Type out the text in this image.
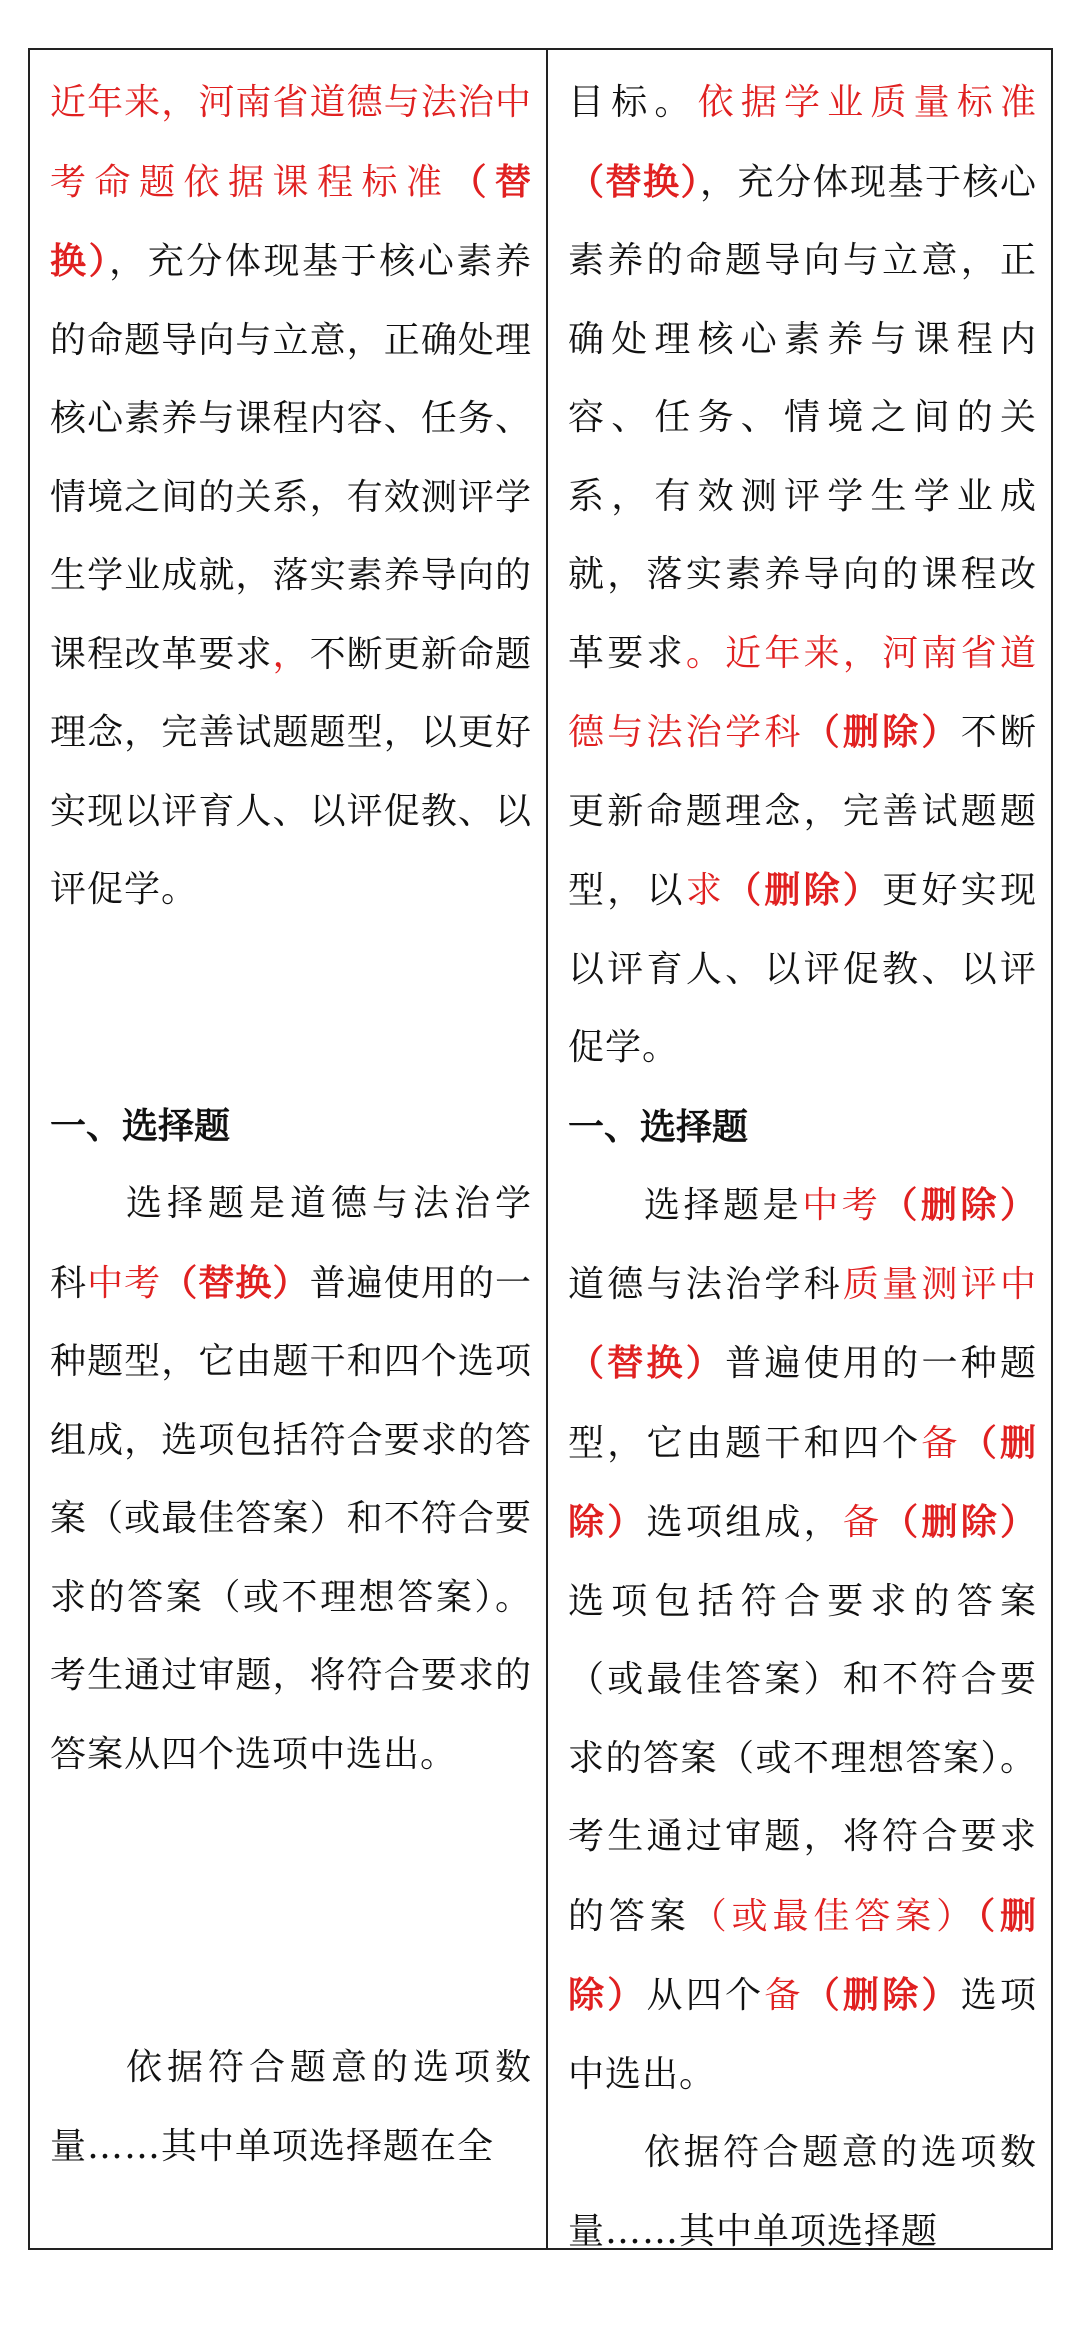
近年来，河南省道德与法治中考命题依据课程标准（替换），充分体现基于核心素养的命题导向与立意，正确处理核心素养与课程内容、任务、情境之间的关系，有效测评学生学业成就，落实素养导向的课程改革要求，不断更新命题理念，完善试题题型，以更好实现以评育人、以评促教、以评促学。

一、选择题

选择题是道德与法治学科中考（替换）普遍使用的一种题型，它由题干和四个选项组成，选项包括符合要求的答案（或最佳答案）和不符合要求的答案（或不理想答案）。考生通过审题，将符合要求的答案从四个选项中选出。

依据符合题意的选项数量……其中单项选择题在全

目标。依据学业质量标准（替换），充分体现基于核心素养的命题导向与立意，正确处理核心素养与课程内容、任务、情境之间的关系，有效测评学生学业成就，落实素养导向的课程改革要求。近年来，河南省道德与法治学科（删除）不断更新命题理念，完善试题题型，以求（删除）更好实现以评育人、以评促教、以评促学。

一、选择题

选择题是中考（删除）道德与法治学科质量测评中（替换）普遍使用的一种题型，它由题干和四个备（删除）选项组成，备（删除）选项包括符合要求的答案（或最佳答案）和不符合要求的答案（或不理想答案）。考生通过审题，将符合要求的答案（或最佳答案）（删除）从四个备（删除）选项中选出。

依据符合题意的选项数量……其中单项选择题
